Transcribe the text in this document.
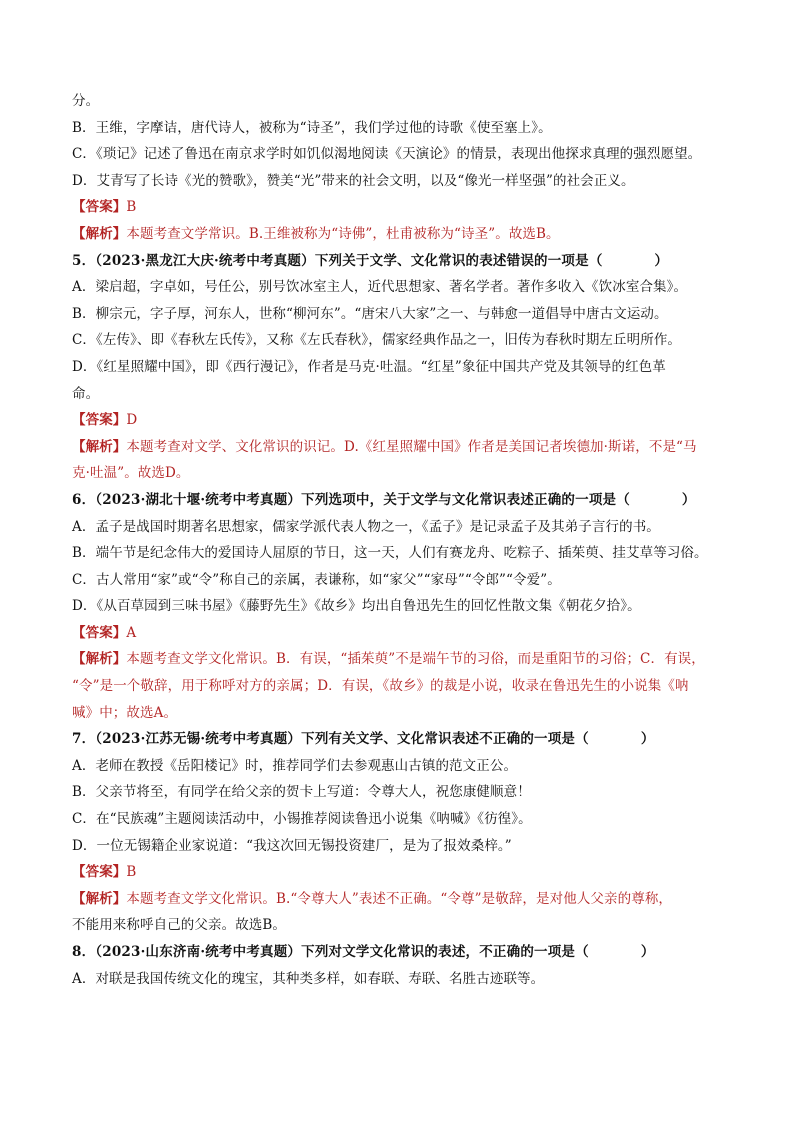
分。
B．王维，字摩诘，唐代诗人，被称为“诗圣”，我们学过他的诗歌《使至塞上》。
C．《琐记》记述了鲁迅在南京求学时如饥似渴地阅读《天演论》的情景，表现出他探求真理的强烈愿望。
D．艾青写了长诗《光的赞歌》，赞美“光”带来的社会文明，以及“像光一样坚强”的社会正义。
【答案】B
【解析】本题考查文学常识。B.王维被称为“诗佛”，杜甫被称为“诗圣”。故选B。
5．（2023·黑龙江大庆·统考中考真题）下列关于文学、文化常识的表述错误的一项是（	）
A．梁启超，字卓如，号任公，别号饮冰室主人，近代思想家、著名学者。著作多收入《饮冰室合集》。
B．柳宗元，字子厚，河东人，世称“柳河东”。“唐宋八大家”之一、与韩愈一道倡导中唐古文运动。
C．《左传》、即《春秋左氏传》，又称《左氏春秋》，儒家经典作品之一，旧传为春秋时期左丘明所作。
D．《红星照耀中国》，即《西行漫记》，作者是马克·吐温。“红星”象征中国共产党及其领导的红色革
命。
【答案】D
【解析】本题考查对文学、文化常识的识记。D.《红星照耀中国》作者是美国记者埃德加·斯诺，不是“马
克·吐温”。故选D。
6．（2023·湖北十堰·统考中考真题）下列选项中，关于文学与文化常识表述正确的一项是（	）
A．孟子是战国时期著名思想家，儒家学派代表人物之一，《孟子》是记录孟子及其弟子言行的书。
B．端午节是纪念伟大的爱国诗人屈原的节日，这一天，人们有赛龙舟、吃粽子、插茱萸、挂艾草等习俗。
C．古人常用“家”或“令”称自己的亲属，表谦称，如“家父”“家母”“令郎”“令爱”。
D．《从百草园到三味书屋》《藤野先生》《故乡》均出自鲁迅先生的回忆性散文集《朝花夕拾》。
【答案】A
【解析】本题考查文学文化常识。B．有误，“插茱萸”不是端午节的习俗，而是重阳节的习俗；C．有误，
“令”是一个敬辞，用于称呼对方的亲属；D．有误，《故乡》的裁是小说，收录在鲁迅先生的小说集《呐
喊》中；故选A。
7．（2023·江苏无锡·统考中考真题）下列有关文学、文化常识表述不正确的一项是（	）
A．老师在教授《岳阳楼记》时，推荐同学们去参观惠山古镇的范文正公。
B．父亲节将至，有同学在给父亲的贺卡上写道：令尊大人，祝您康健顺意！
C．在“民族魂”主题阅读活动中，小锡推荐阅读鲁迅小说集《呐喊》《彷徨》。
D．一位无锡籍企业家说道：“我这次回无锡投资建厂，是为了报效桑梓。”
【答案】B
【解析】本题考查文学文化常识。B.“令尊大人”表述不正确。“令尊”是敬辞，是对他人父亲的尊称，
不能用来称呼自己的父亲。故选B。
8．（2023·山东济南·统考中考真题）下列对文学文化常识的表述，不正确的一项是（	）
A．对联是我国传统文化的瑰宝，其种类多样，如春联、寿联、名胜古迹联等。
